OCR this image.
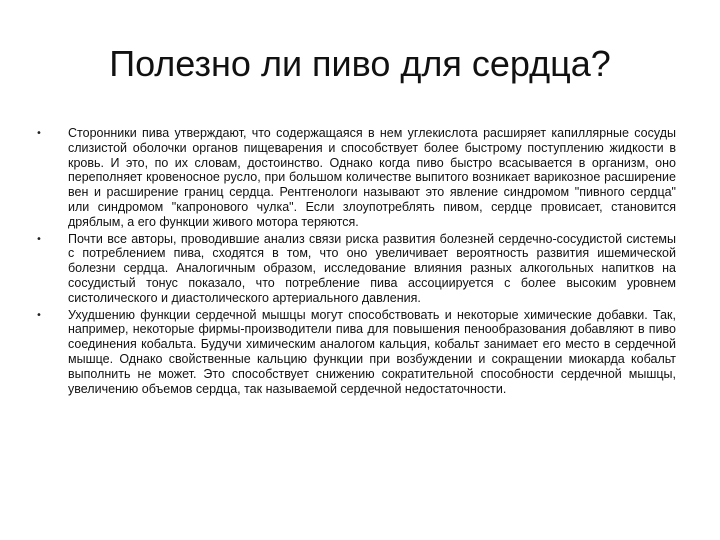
Полезно ли пиво для сердца?
•	Сторонники пива утверждают, что содержащаяся в нем углекислота расширяет капиллярные сосуды слизистой оболочки органов пищеварения и способствует более быстрому поступлению жидкости в кровь. И это, по их словам, достоинство. Однако когда пиво быстро всасывается в организм, оно переполняет кровеносное русло, при большом количестве выпитого возникает варикозное расширение вен и расширение границ сердца. Рентгенологи называют это явление синдромом "пивного сердца" или синдромом "капронового чулка". Если злоупотреблять пивом, сердце провисает, становится дряблым, а его функции живого мотора теряются.
•	Почти все авторы, проводившие анализ связи риска развития болезней сердечно-сосудистой системы с потреблением пива, сходятся в том, что оно увеличивает вероятность развития ишемической болезни сердца. Аналогичным образом, исследование влияния разных алкогольных напитков на сосудистый тонус показало, что потребление пива ассоциируется с более высоким уровнем систолического и диастолического артериального давления.
•	Ухудшению функции сердечной мышцы могут способствовать и некоторые химические добавки. Так, например, некоторые фирмы-производители пива для повышения пенообразования добавляют в пиво соединения кобальта. Будучи химическим аналогом кальция, кобальт занимает его место в сердечной мышце. Однако свойственные кальцию функции при возбуждении и сокращении миокарда кобальт выполнить не может. Это способствует снижению сократительной способности сердечной мышцы, увеличению объемов сердца, так называемой сердечной недостаточности.
